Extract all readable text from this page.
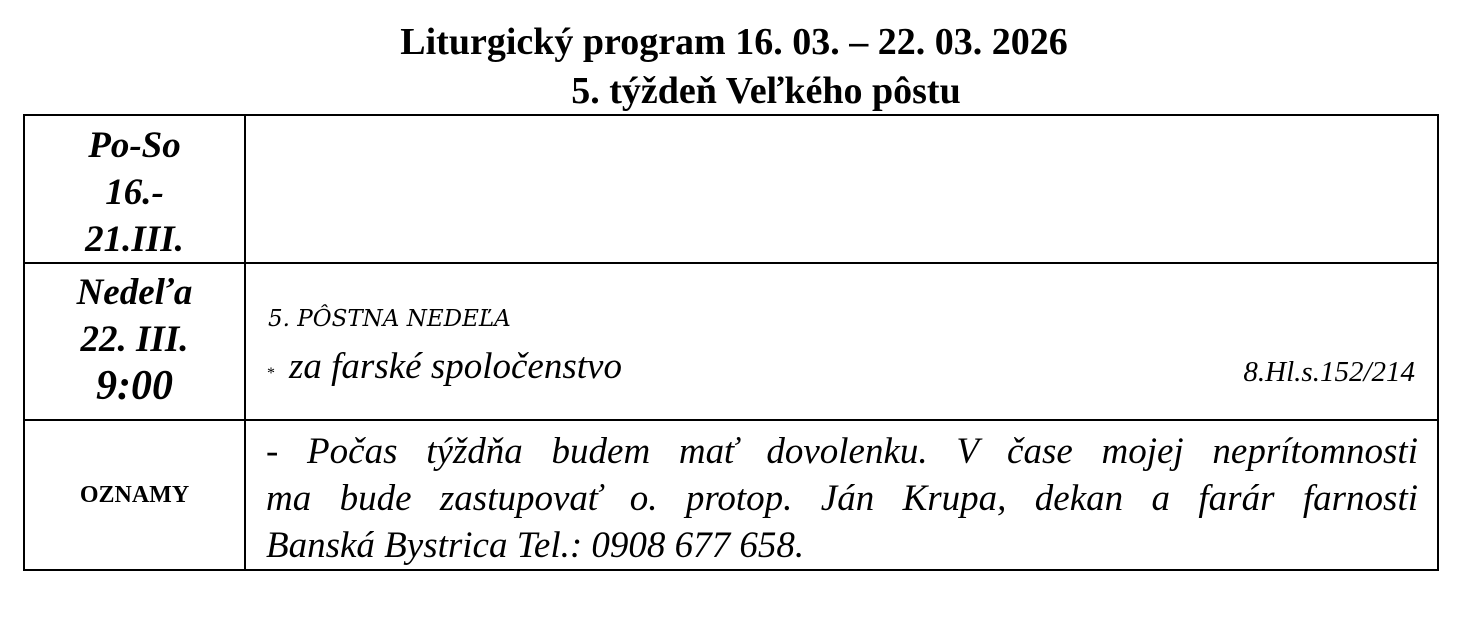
Liturgický program 16. 03. – 22. 03. 2026
5. týždeň Veľkého pôstu
Po-So
16.-
21.III.
Nedeľa
22. III.
9:00
5. PÔSTNA NEDEĽA
* za farské spoločenstvo	8.Hl.s.152/214
OZNAMY
- Počas týždňa budem mať dovolenku. V čase mojej neprítomnosti
ma bude zastupovať o. protop. Ján Krupa, dekan a farár farnosti
Banská Bystrica Tel.: 0908 677 658.
